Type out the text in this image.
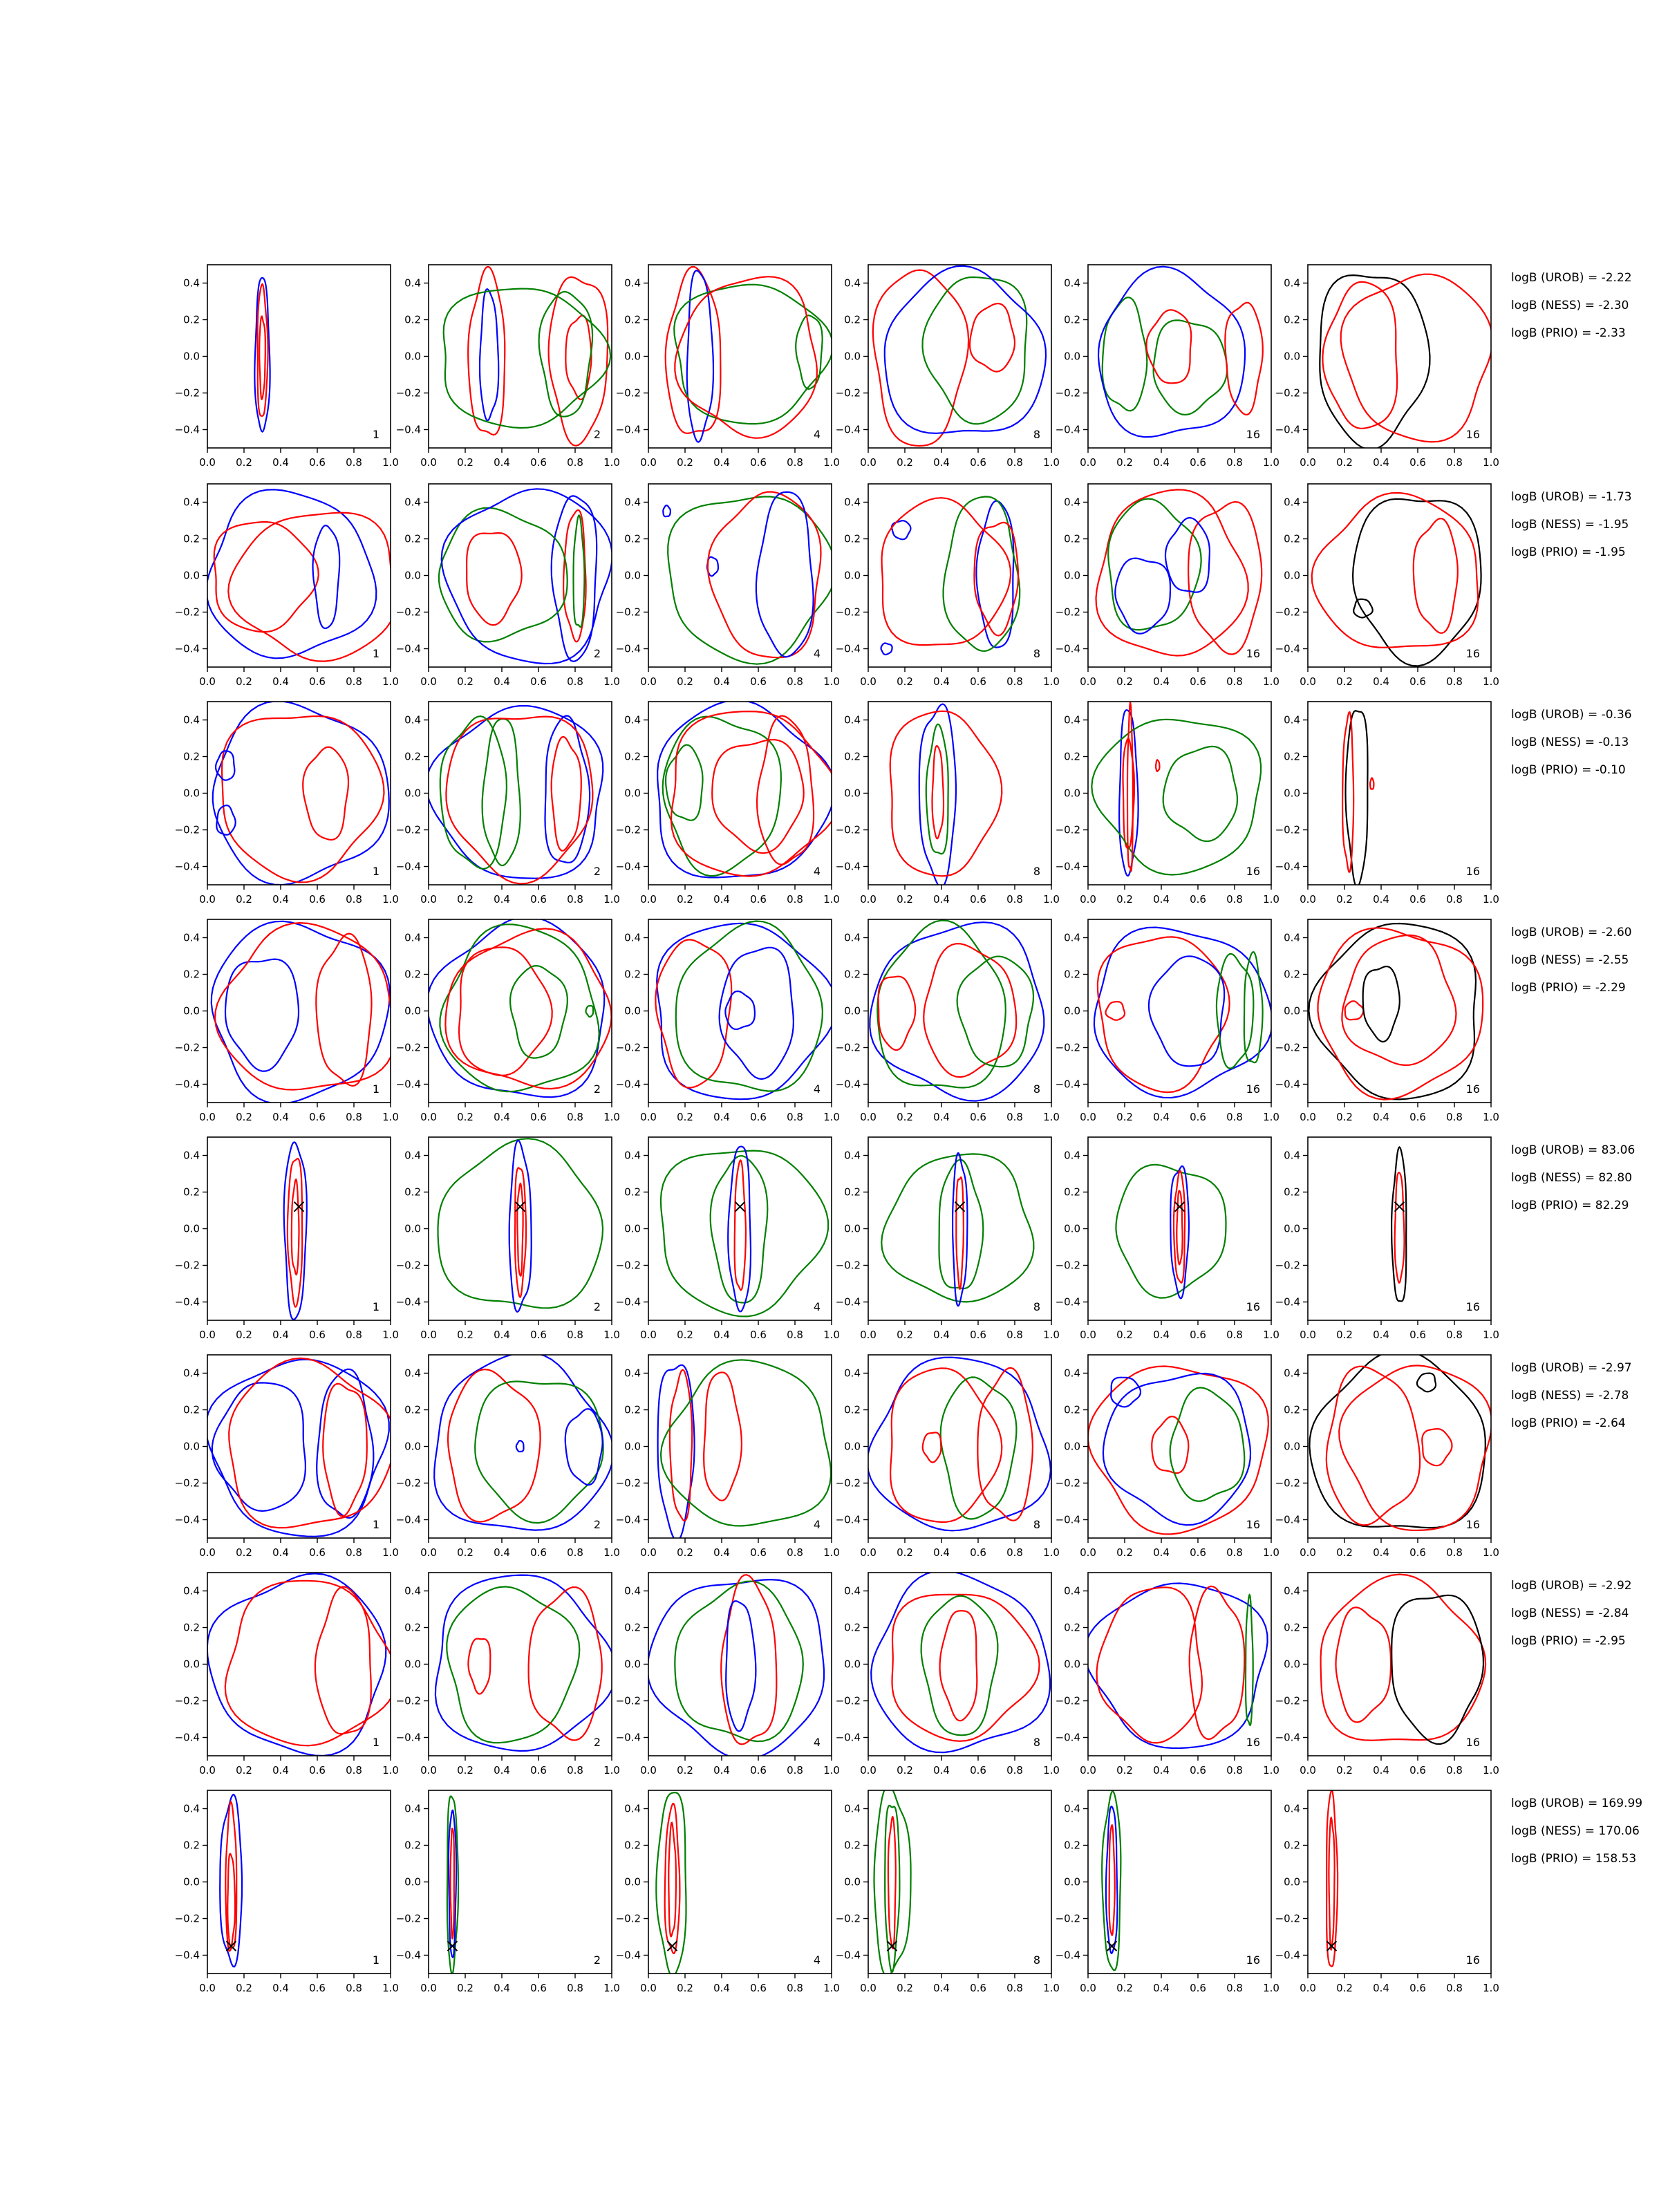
0.0 0.2 0.4 0.6 0.8 1.0
−0.4
−0.2
0.0
0.2
0.4
1
0.0 0.2 0.4 0.6 0.8 1.0
−0.4
−0.2
0.0
0.2
0.4
2
0.0 0.2 0.4 0.6 0.8 1.0
−0.4
−0.2
0.0
0.2
0.4
4
0.0 0.2 0.4 0.6 0.8 1.0
−0.4
−0.2
0.0
0.2
0.4
8
0.0 0.2 0.4 0.6 0.8 1.0
−0.4
−0.2
0.0
0.2
0.4
16
0.0 0.2 0.4 0.6 0.8 1.0
−0.4
−0.2
0.0
0.2
0.4
16
logB (UROB) = -2.22
logB (NESS) = -2.30
logB (PRIO) = -2.33
0.0 0.2 0.4 0.6 0.8 1.0
−0.4
−0.2
0.0
0.2
0.4
1
0.0 0.2 0.4 0.6 0.8 1.0
−0.4
−0.2
0.0
0.2
0.4
2
0.0 0.2 0.4 0.6 0.8 1.0
−0.4
−0.2
0.0
0.2
0.4
4
0.0 0.2 0.4 0.6 0.8 1.0
−0.4
−0.2
0.0
0.2
0.4
8
0.0 0.2 0.4 0.6 0.8 1.0
−0.4
−0.2
0.0
0.2
0.4
16
0.0 0.2 0.4 0.6 0.8 1.0
−0.4
−0.2
0.0
0.2
0.4
16
logB (UROB) = -1.73
logB (NESS) = -1.95
logB (PRIO) = -1.95
0.0 0.2 0.4 0.6 0.8 1.0
−0.4
−0.2
0.0
0.2
0.4
1
0.0 0.2 0.4 0.6 0.8 1.0
−0.4
−0.2
0.0
0.2
0.4
2
0.0 0.2 0.4 0.6 0.8 1.0
−0.4
−0.2
0.0
0.2
0.4
4
0.0 0.2 0.4 0.6 0.8 1.0
−0.4
−0.2
0.0
0.2
0.4
8
0.0 0.2 0.4 0.6 0.8 1.0
−0.4
−0.2
0.0
0.2
0.4
16
0.0 0.2 0.4 0.6 0.8 1.0
−0.4
−0.2
0.0
0.2
0.4
16
logB (UROB) = -0.36
logB (NESS) = -0.13
logB (PRIO) = -0.10
0.0 0.2 0.4 0.6 0.8 1.0
−0.4
−0.2
0.0
0.2
0.4
1
0.0 0.2 0.4 0.6 0.8 1.0
−0.4
−0.2
0.0
0.2
0.4
2
0.0 0.2 0.4 0.6 0.8 1.0
−0.4
−0.2
0.0
0.2
0.4
4
0.0 0.2 0.4 0.6 0.8 1.0
−0.4
−0.2
0.0
0.2
0.4
8
0.0 0.2 0.4 0.6 0.8 1.0
−0.4
−0.2
0.0
0.2
0.4
16
0.0 0.2 0.4 0.6 0.8 1.0
−0.4
−0.2
0.0
0.2
0.4
16
logB (UROB) = -2.60
logB (NESS) = -2.55
logB (PRIO) = -2.29
0.0 0.2 0.4 0.6 0.8 1.0
−0.4
−0.2
0.0
0.2
0.4
1
0.0 0.2 0.4 0.6 0.8 1.0
−0.4
−0.2
0.0
0.2
0.4
2
0.0 0.2 0.4 0.6 0.8 1.0
−0.4
−0.2
0.0
0.2
0.4
4
0.0 0.2 0.4 0.6 0.8 1.0
−0.4
−0.2
0.0
0.2
0.4
8
0.0 0.2 0.4 0.6 0.8 1.0
−0.4
−0.2
0.0
0.2
0.4
16
0.0 0.2 0.4 0.6 0.8 1.0
−0.4
−0.2
0.0
0.2
0.4
16
logB (UROB) = 83.06
logB (NESS) = 82.80
logB (PRIO) = 82.29
0.0 0.2 0.4 0.6 0.8 1.0
−0.4
−0.2
0.0
0.2
0.4
1
0.0 0.2 0.4 0.6 0.8 1.0
−0.4
−0.2
0.0
0.2
0.4
2
0.0 0.2 0.4 0.6 0.8 1.0
−0.4
−0.2
0.0
0.2
0.4
4
0.0 0.2 0.4 0.6 0.8 1.0
−0.4
−0.2
0.0
0.2
0.4
8
0.0 0.2 0.4 0.6 0.8 1.0
−0.4
−0.2
0.0
0.2
0.4
16
0.0 0.2 0.4 0.6 0.8 1.0
−0.4
−0.2
0.0
0.2
0.4
16
logB (UROB) = -2.97
logB (NESS) = -2.78
logB (PRIO) = -2.64
0.0 0.2 0.4 0.6 0.8 1.0
−0.4
−0.2
0.0
0.2
0.4
1
0.0 0.2 0.4 0.6 0.8 1.0
−0.4
−0.2
0.0
0.2
0.4
2
0.0 0.2 0.4 0.6 0.8 1.0
−0.4
−0.2
0.0
0.2
0.4
4
0.0 0.2 0.4 0.6 0.8 1.0
−0.4
−0.2
0.0
0.2
0.4
8
0.0 0.2 0.4 0.6 0.8 1.0
−0.4
−0.2
0.0
0.2
0.4
16
0.0 0.2 0.4 0.6 0.8 1.0
−0.4
−0.2
0.0
0.2
0.4
16
logB (UROB) = -2.92
logB (NESS) = -2.84
logB (PRIO) = -2.95
0.0 0.2 0.4 0.6 0.8 1.0
−0.4
−0.2
0.0
0.2
0.4
1
0.0 0.2 0.4 0.6 0.8 1.0
−0.4
−0.2
0.0
0.2
0.4
2
0.0 0.2 0.4 0.6 0.8 1.0
−0.4
−0.2
0.0
0.2
0.4
4
0.0 0.2 0.4 0.6 0.8 1.0
−0.4
−0.2
0.0
0.2
0.4
8
0.0 0.2 0.4 0.6 0.8 1.0
−0.4
−0.2
0.0
0.2
0.4
16
0.0 0.2 0.4 0.6 0.8 1.0
−0.4
−0.2
0.0
0.2
0.4
16
logB (UROB) = 169.99
logB (NESS) = 170.06
logB (PRIO) = 158.53
